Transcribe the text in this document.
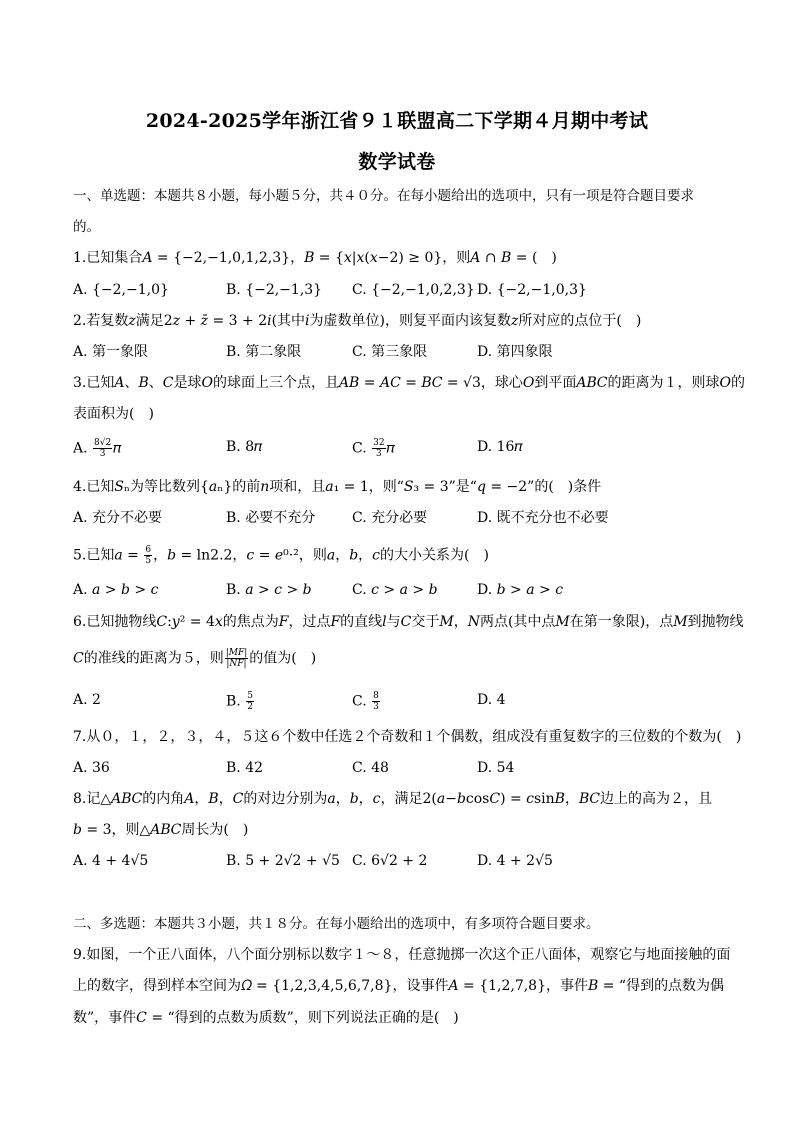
2024-2025学年浙江省９１联盟高二下学期４月期中考试
数学试卷
一、单选题：本题共８小题，每小题５分，共４０分。在每小题给出的选项中，只有一项是符合题目要求
的。
1.已知集合𝐴 = {−2,−1,0,1,2,3}，𝐵 = {𝑥|𝑥(𝑥−2) ≥ 0}，则𝐴 ∩ 𝐵 = (　)
A. {−2,−1,0}	B. {−2,−1,3} C. {−2,−1,0,2,3} D. {−2,−1,0,3}
2.若复数𝑧满足2𝑧 + 𝑧̄ = 3 + 2𝑖(其中𝑖为虚数单位)，则复平面内该复数𝑧所对应的点位于(　)
A. 第一象限	B. 第二象限	C. 第三象限	D. 第四象限
3.已知𝐴、𝐵、𝐶是球𝑂的球面上三个点，且𝐴𝐵 = 𝐴𝐶 = 𝐵𝐶 = √3，球心𝑂到平面𝐴𝐵𝐶的距离为１，则球𝑂的
表面积为(　)
A. $\frac{8√2}{3}$ 𝜋	B. 8𝜋	C. $\frac{32}{3}$ 𝜋	D. 16𝜋
4.已知𝑆ₙ为等比数列{𝑎ₙ}的前𝑛项和，且𝑎₁ = 1，则“𝑆₃ = 3”是“𝑞 = −2”的(　)条件
A. 充分不必要	B. 必要不充分	C. 充分必要	D. 既不充分也不必要
5.已知𝑎 = $\frac{6}{5}$ ，𝑏 = ln2.2，𝑐 = 𝑒⁰·²，则𝑎，𝑏，𝑐的大小关系为(　)
A. 𝑎 > 𝑏 > 𝑐	B. 𝑎 > 𝑐 > 𝑏	C. 𝑐 > 𝑎 > 𝑏	D. 𝑏 > 𝑎 > 𝑐
6.已知抛物线𝐶:𝑦² = 4𝑥的焦点为𝐹，过点𝐹的直线𝑙与𝐶交于𝑀，𝑁两点(其中点𝑀在第一象限)，点𝑀到抛物线
𝐶的准线的距离为５，则 $\frac{\text{|𝑀𝐹|}}{\text{|𝑁𝐹|}}$ 的值为(　)
A. 2	B. $\frac{5}{2}$	C. $\frac{8}{3}$	D. 4
7.从０，１，２，３，４，５这６个数中任选２个奇数和１个偶数，组成没有重复数字的三位数的个数为(　)
A. 36	B. 42	C. 48	D. 54
8.记△𝐴𝐵𝐶的内角𝐴，𝐵，𝐶的对边分别为𝑎，𝑏，𝑐，满足2(𝑎−𝑏cos𝐶) = 𝑐sin𝐵，𝐵𝐶边上的高为２，且
𝑏 = 3，则△𝐴𝐵𝐶周长为(　)
A. 4 + 4√5	B. 5 + 2√2 + √5 C. 6√2 + 2	D. 4 + 2√5
二、多选题：本题共３小题，共１８分。在每小题给出的选项中，有多项符合题目要求。
9.如图，一个正八面体，八个面分别标以数字１～８，任意抛掷一次这个正八面体，观察它与地面接触的面
上的数字，得到样本空间为𝛺 = {1,2,3,4,5,6,7,8}，设事件𝐴 = {1,2,7,8}，事件𝐵 = “得到的点数为偶
数”，事件𝐶 = “得到的点数为质数”，则下列说法正确的是(　)
